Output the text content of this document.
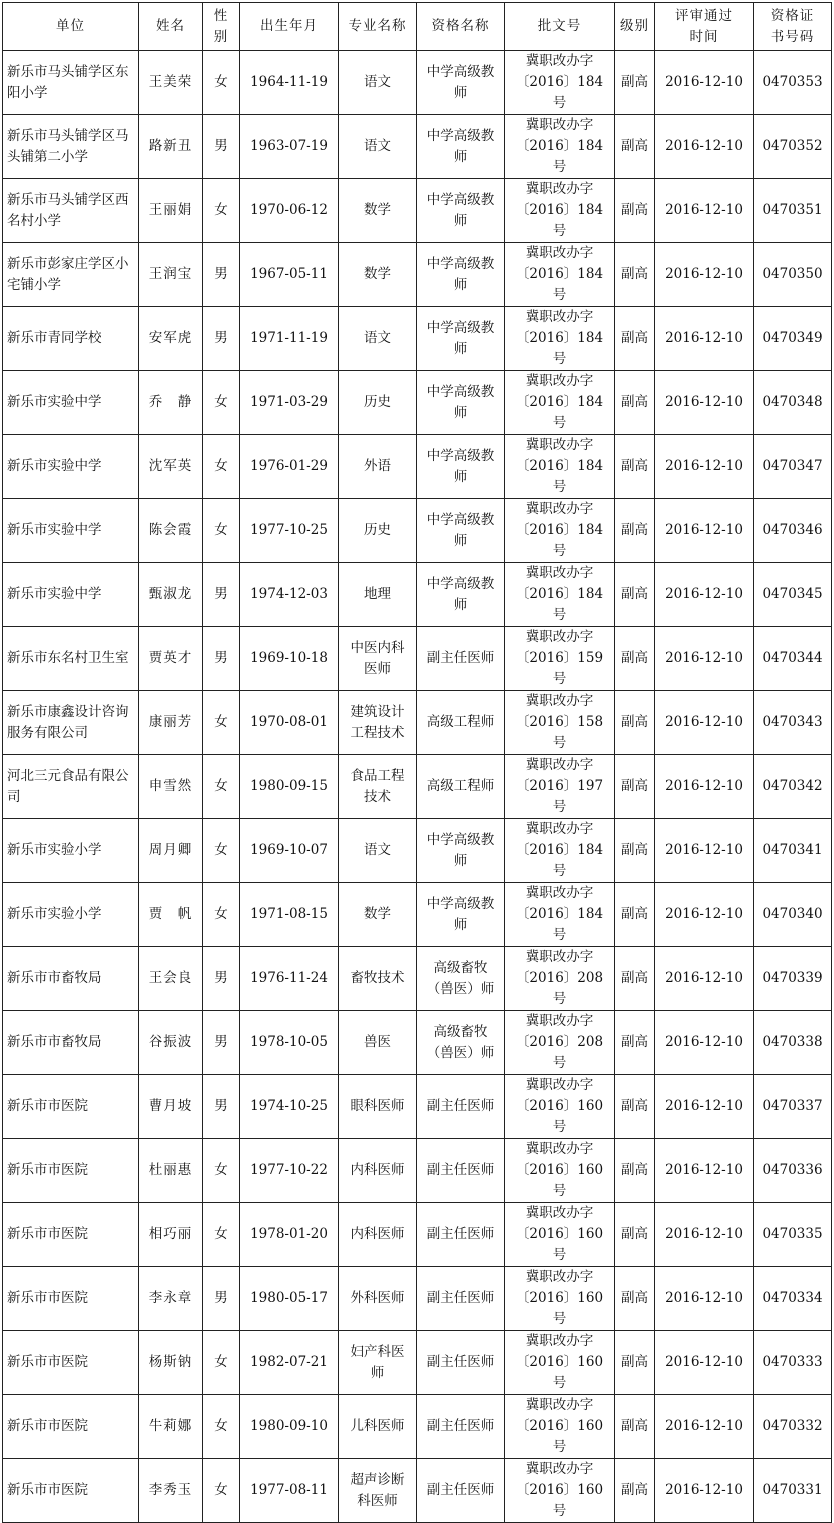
单位	姓名	性别	出生年月	专业名称	资格名称	批文号	级别	评审通过时间	资格证书号码
新乐市马头铺学区东阳小学	王美荣	女	1964-11-19	语文	中学高级教师	冀职改办字〔2016〕184 号	副高	2016-12-10	0470353
新乐市马头铺学区马头铺第二小学	路新丑	男	1963-07-19	语文	中学高级教师	冀职改办字〔2016〕184 号	副高	2016-12-10	0470352
新乐市马头铺学区西名村小学	王丽娟	女	1970-06-12	数学	中学高级教师	冀职改办字〔2016〕184 号	副高	2016-12-10	0470351
新乐市彭家庄学区小宅铺小学	王润宝	男	1967-05-11	数学	中学高级教师	冀职改办字〔2016〕184 号	副高	2016-12-10	0470350
新乐市青同学校	安军虎	男	1971-11-19	语文	中学高级教师	冀职改办字〔2016〕184 号	副高	2016-12-10	0470349
新乐市实验中学	乔　静	女	1971-03-29	历史	中学高级教师	冀职改办字〔2016〕184 号	副高	2016-12-10	0470348
新乐市实验中学	沈军英	女	1976-01-29	外语	中学高级教师	冀职改办字〔2016〕184 号	副高	2016-12-10	0470347
新乐市实验中学	陈会霞	女	1977-10-25	历史	中学高级教师	冀职改办字〔2016〕184 号	副高	2016-12-10	0470346
新乐市实验中学	甄淑龙	男	1974-12-03	地理	中学高级教师	冀职改办字〔2016〕184 号	副高	2016-12-10	0470345
新乐市东名村卫生室	贾英才	男	1969-10-18	中医内科医师	副主任医师	冀职改办字〔2016〕159 号	副高	2016-12-10	0470344
新乐市康鑫设计咨询服务有限公司	康丽芳	女	1970-08-01	建筑设计工程技术	高级工程师	冀职改办字〔2016〕158 号	副高	2016-12-10	0470343
河北三元食品有限公司	申雪然	女	1980-09-15	食品工程技术	高级工程师	冀职改办字〔2016〕197 号	副高	2016-12-10	0470342
新乐市实验小学	周月卿	女	1969-10-07	语文	中学高级教师	冀职改办字〔2016〕184 号	副高	2016-12-10	0470341
新乐市实验小学	贾　帆	女	1971-08-15	数学	中学高级教师	冀职改办字〔2016〕184 号	副高	2016-12-10	0470340
新乐市市畜牧局	王会良	男	1976-11-24	畜牧技术	高级畜牧（兽医）师	冀职改办字〔2016〕208 号	副高	2016-12-10	0470339
新乐市市畜牧局	谷振波	男	1978-10-05	兽医	高级畜牧（兽医）师	冀职改办字〔2016〕208 号	副高	2016-12-10	0470338
新乐市市医院	曹月坡	男	1974-10-25	眼科医师	副主任医师	冀职改办字〔2016〕160 号	副高	2016-12-10	0470337
新乐市市医院	杜丽惠	女	1977-10-22	内科医师	副主任医师	冀职改办字〔2016〕160 号	副高	2016-12-10	0470336
新乐市市医院	相巧丽	女	1978-01-20	内科医师	副主任医师	冀职改办字〔2016〕160 号	副高	2016-12-10	0470335
新乐市市医院	李永章	男	1980-05-17	外科医师	副主任医师	冀职改办字〔2016〕160 号	副高	2016-12-10	0470334
新乐市市医院	杨斯钠	女	1982-07-21	妇产科医师	副主任医师	冀职改办字〔2016〕160 号	副高	2016-12-10	0470333
新乐市市医院	牛莉娜	女	1980-09-10	儿科医师	副主任医师	冀职改办字〔2016〕160 号	副高	2016-12-10	0470332
新乐市市医院	李秀玉	女	1977-08-11	超声诊断科医师	副主任医师	冀职改办字〔2016〕160 号	副高	2016-12-10	0470331
